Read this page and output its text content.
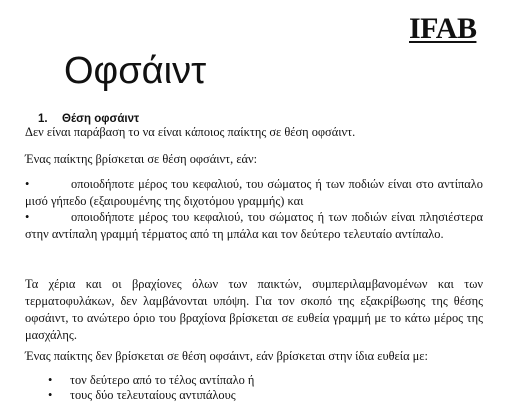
IFAB
Οφσάιντ
1. Θέση οφσάιντ

Δεν είναι παράβαση το να είναι κάποιος παίκτης σε θέση οφσάιντ.

Ένας παίκτης βρίσκεται σε θέση οφσάιντ, εάν:

•	οποιοδήποτε μέρος του κεφαλιού, του σώματος ή των ποδιών είναι στο αντίπαλο μισό γήπεδο (εξαιρουμένης της διχοτόμου γραμμής) και
•	οποιοδήποτε μέρος του κεφαλιού, του σώματος ή των ποδιών είναι πλησιέστερα στην αντίπαλη γραμμή τέρματος από τη μπάλα και τον δεύτερο τελευταίο αντίπαλο.

Τα χέρια και οι βραχίονες όλων των παικτών, συμπεριλαμβανομένων και των τερματοφυλάκων, δεν λαμβάνονται υπόψη. Για τον σκοπό της εξακρίβωσης της θέσης οφσάιντ, το ανώτερο όριο του βραχίονα βρίσκεται σε ευθεία γραμμή με το κάτω μέρος της μασχάλης.

Ένας παίκτης δεν βρίσκεται σε θέση οφσάιντ, εάν βρίσκεται στην ίδια ευθεία με:

• τον δεύτερο από το τέλος αντίπαλο ή
• τους δύο τελευταίους αντιπάλους
